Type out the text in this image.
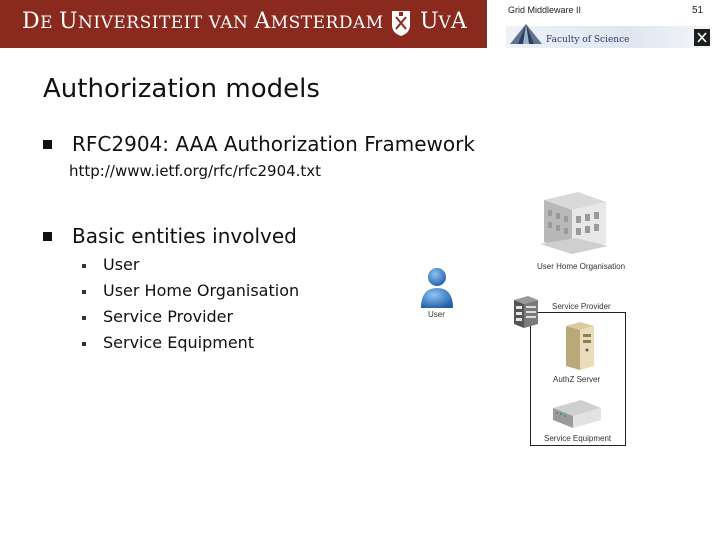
DE UNIVERSITEIT VAN AMSTERDAM UVA	Grid Middleware II	51
Faculty of Science
Authorization models
RFC2904: AAA Authorization Framework
http://www.ietf.org/rfc/rfc2904.txt
Basic entities involved
User
User Home Organisation
Service Provider
Service Equipment
User
User Home Organisation
Service Provider
AuthZ Server
Service Equipment
